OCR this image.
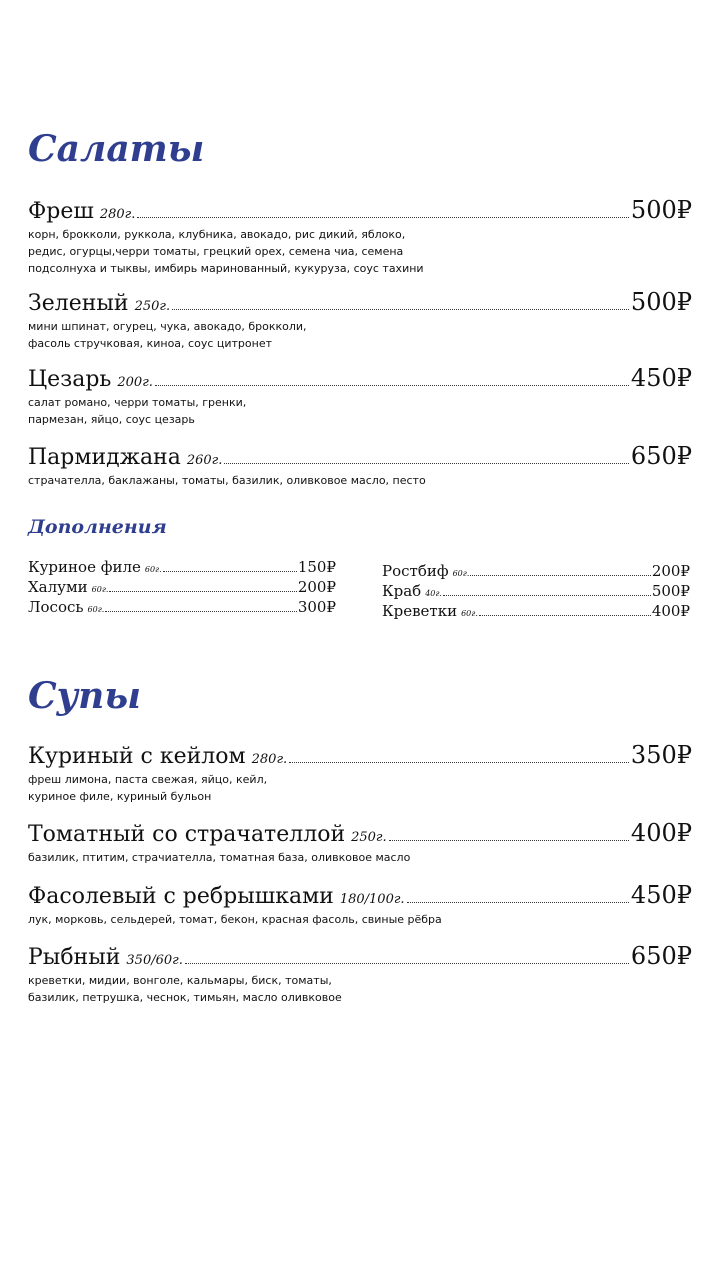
Салаты
Фреш 280г.	500₽
корн, брокколи, руккола, клубника, авокадо, рис дикий, яблоко,
редис, огурцы,черри томаты, грецкий орех, семена чиа, семена
подсолнуха и тыквы, имбирь маринованный, кукуруза, соус тахини
Зеленый 250г.	500₽
мини шпинат, огурец, чука, авокадо, брокколи,
фасоль стручковая, киноа, соус цитронет
Цезарь 200г.	450₽
салат романо, черри томаты, гренки,
пармезан, яйцо, соус цезарь
Пармиджана 260г.	650₽
страчателла, баклажаны, томаты, базилик, оливковое масло, песто
Дополнения
Куриное филе 60г.	150₽
Халуми 60г.	200₽
Лосось 60г.	300₽
Ростбиф 60г.	200₽
Краб 40г.	500₽
Креветки 60г.	400₽
Супы
Куриный с кейлом 280г.	350₽
фреш лимона, паста свежая, яйцо, кейл,
куриное филе, куриный бульон
Томатный со страчателлой 250г.	400₽
базилик, птитим, страчиателла, томатная база, оливковое масло
Фасолевый с ребрышками 180/100г.	450₽
лук, морковь, сельдерей, томат, бекон, красная фасоль, свиные рёбра
Рыбный 350/60г.	650₽
креветки, мидии, вонголе, кальмары, биск, томаты,
базилик, петрушка, чеснок, тимьян, масло оливковое
